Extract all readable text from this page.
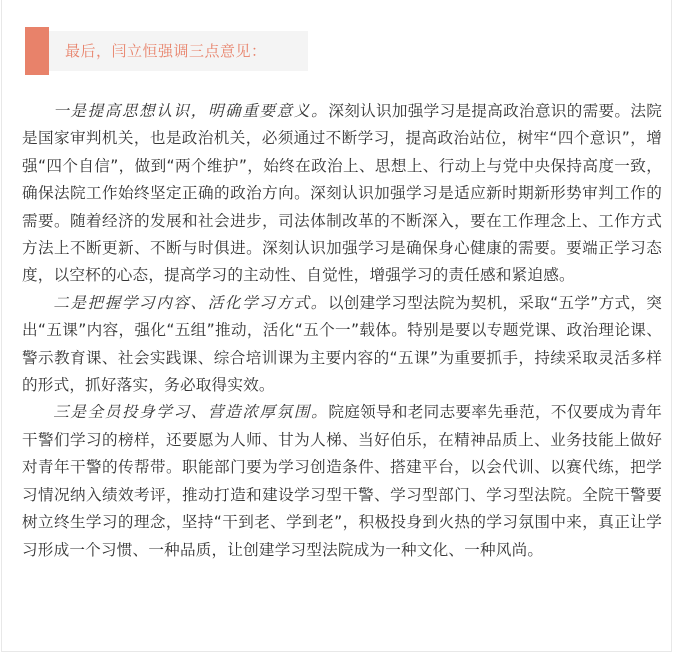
最后，闫立恒强调三点意见：

一是提高思想认识，明确重要意义。深刻认识加强学习是提高政治意识的需要。法院是国家审判机关，也是政治机关，必须通过不断学习，提高政治站位，树牢“四个意识”，增强“四个自信”，做到“两个维护”，始终在政治上、思想上、行动上与党中央保持高度一致，确保法院工作始终坚定正确的政治方向。深刻认识加强学习是适应新时期新形势审判工作的需要。随着经济的发展和社会进步，司法体制改革的不断深入，要在工作理念上、工作方式方法上不断更新、不断与时俱进。深刻认识加强学习是确保身心健康的需要。要端正学习态度，以空杯的心态，提高学习的主动性、自觉性，增强学习的责任感和紧迫感。

二是把握学习内容、活化学习方式。以创建学习型法院为契机，采取“五学”方式，突出“五课”内容，强化“五组”推动，活化“五个一”载体。特别是要以专题党课、政治理论课、警示教育课、社会实践课、综合培训课为主要内容的“五课”为重要抓手，持续采取灵活多样的形式，抓好落实，务必取得实效。

三是全员投身学习、营造浓厚氛围。院庭领导和老同志要率先垂范，不仅要成为青年干警们学习的榜样，还要愿为人师、甘为人梯、当好伯乐，在精神品质上、业务技能上做好对青年干警的传帮带。职能部门要为学习创造条件、搭建平台，以会代训、以赛代练，把学习情况纳入绩效考评，推动打造和建设学习型干警、学习型部门、学习型法院。全院干警要树立终生学习的理念，坚持“干到老、学到老”，积极投身到火热的学习氛围中来，真正让学习形成一个习惯、一种品质，让创建学习型法院成为一种文化、一种风尚。
